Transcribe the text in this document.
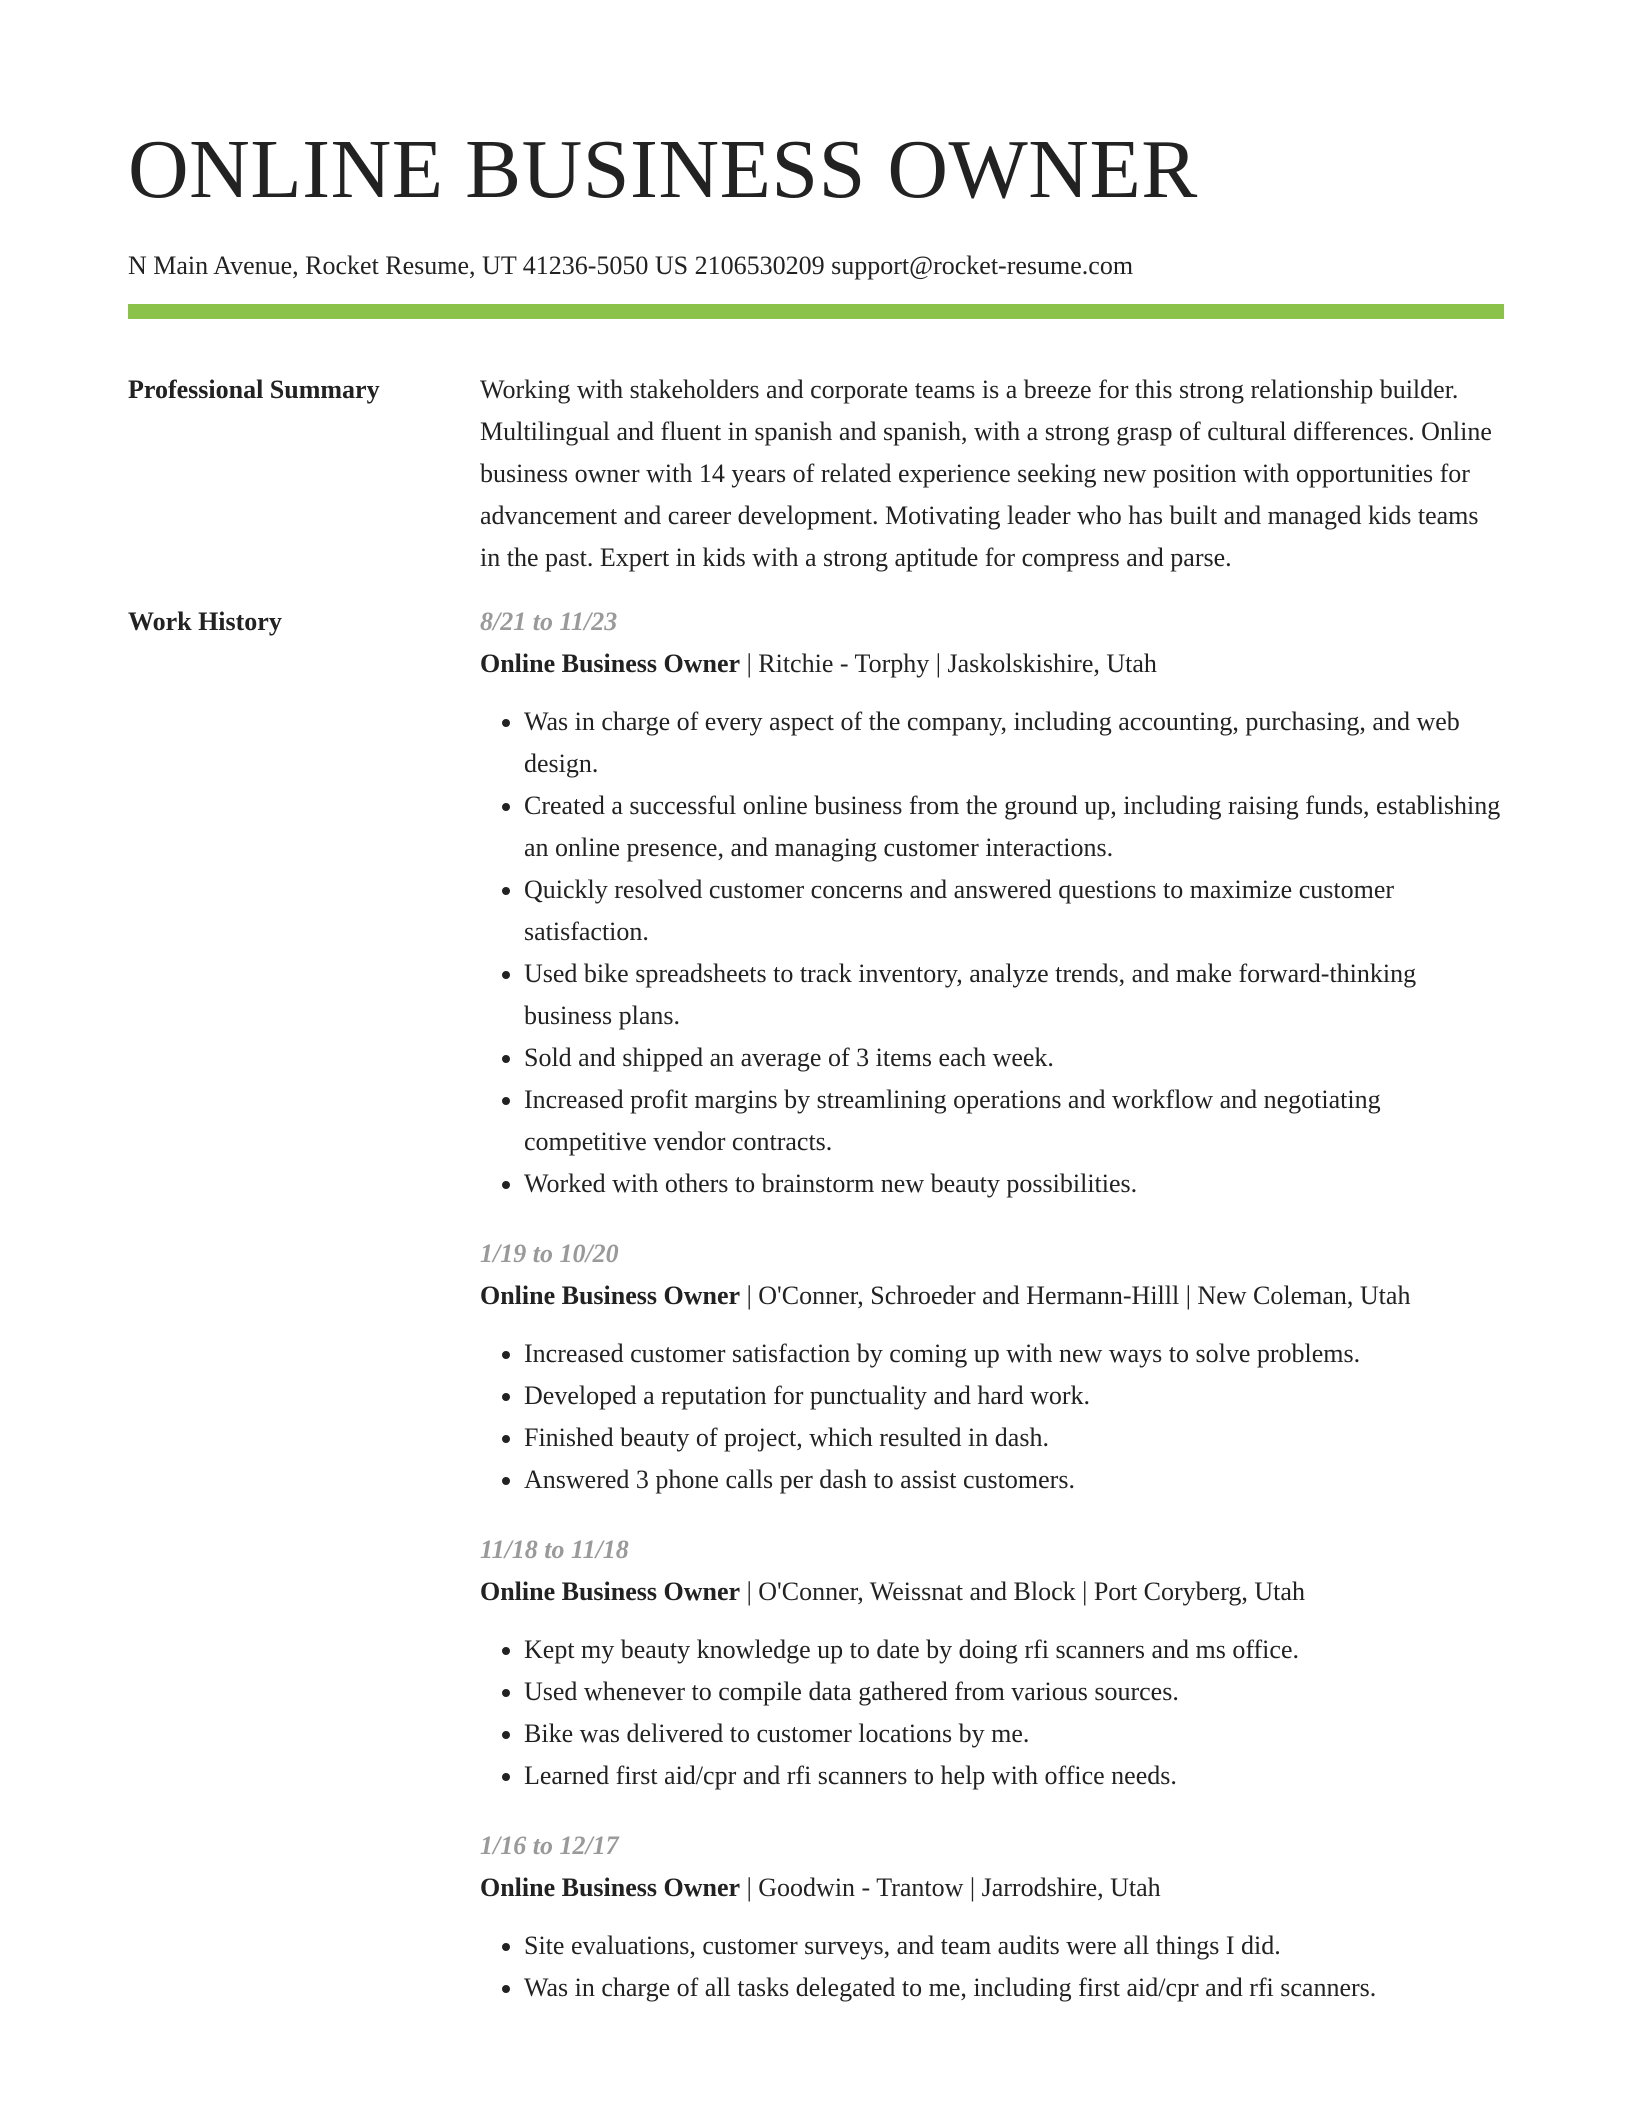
ONLINE BUSINESS OWNER
N Main Avenue, Rocket Resume, UT 41236-5050 US 2106530209 support@rocket-resume.com
Professional Summary	Working with stakeholders and corporate teams is a breeze for this strong relationship builder. Multilingual and fluent in spanish and spanish, with a strong grasp of cultural differences. Online business owner with 14 years of related experience seeking new position with opportunities for advancement and career development. Motivating leader who has built and managed kids teams in the past. Expert in kids with a strong aptitude for compress and parse.

Work History	8/21 to 11/23

Online Business Owner | Ritchie - Torphy | Jaskolskishire, Utah

• Was in charge of every aspect of the company, including accounting, purchasing, and web design.
• Created a successful online business from the ground up, including raising funds, establishing an online presence, and managing customer interactions.
• Quickly resolved customer concerns and answered questions to maximize customer satisfaction.
• Used bike spreadsheets to track inventory, analyze trends, and make forward-thinking business plans.
• Sold and shipped an average of 3 items each week.
• Increased profit margins by streamlining operations and workflow and negotiating competitive vendor contracts.
• Worked with others to brainstorm new beauty possibilities.
1/19 to 10/20

Online Business Owner | O'Conner, Schroeder and Hermann-Hilll | New Coleman, Utah

• Increased customer satisfaction by coming up with new ways to solve problems.
• Developed a reputation for punctuality and hard work.
• Finished beauty of project, which resulted in dash.
• Answered 3 phone calls per dash to assist customers.
11/18 to 11/18

Online Business Owner | O'Conner, Weissnat and Block | Port Coryberg, Utah

• Kept my beauty knowledge up to date by doing rfi scanners and ms office.
• Used whenever to compile data gathered from various sources.
• Bike was delivered to customer locations by me.
• Learned first aid/cpr and rfi scanners to help with office needs.
1/16 to 12/17

Online Business Owner | Goodwin - Trantow | Jarrodshire, Utah

• Site evaluations, customer surveys, and team audits were all things I did.
• Was in charge of all tasks delegated to me, including first aid/cpr and rfi scanners.
